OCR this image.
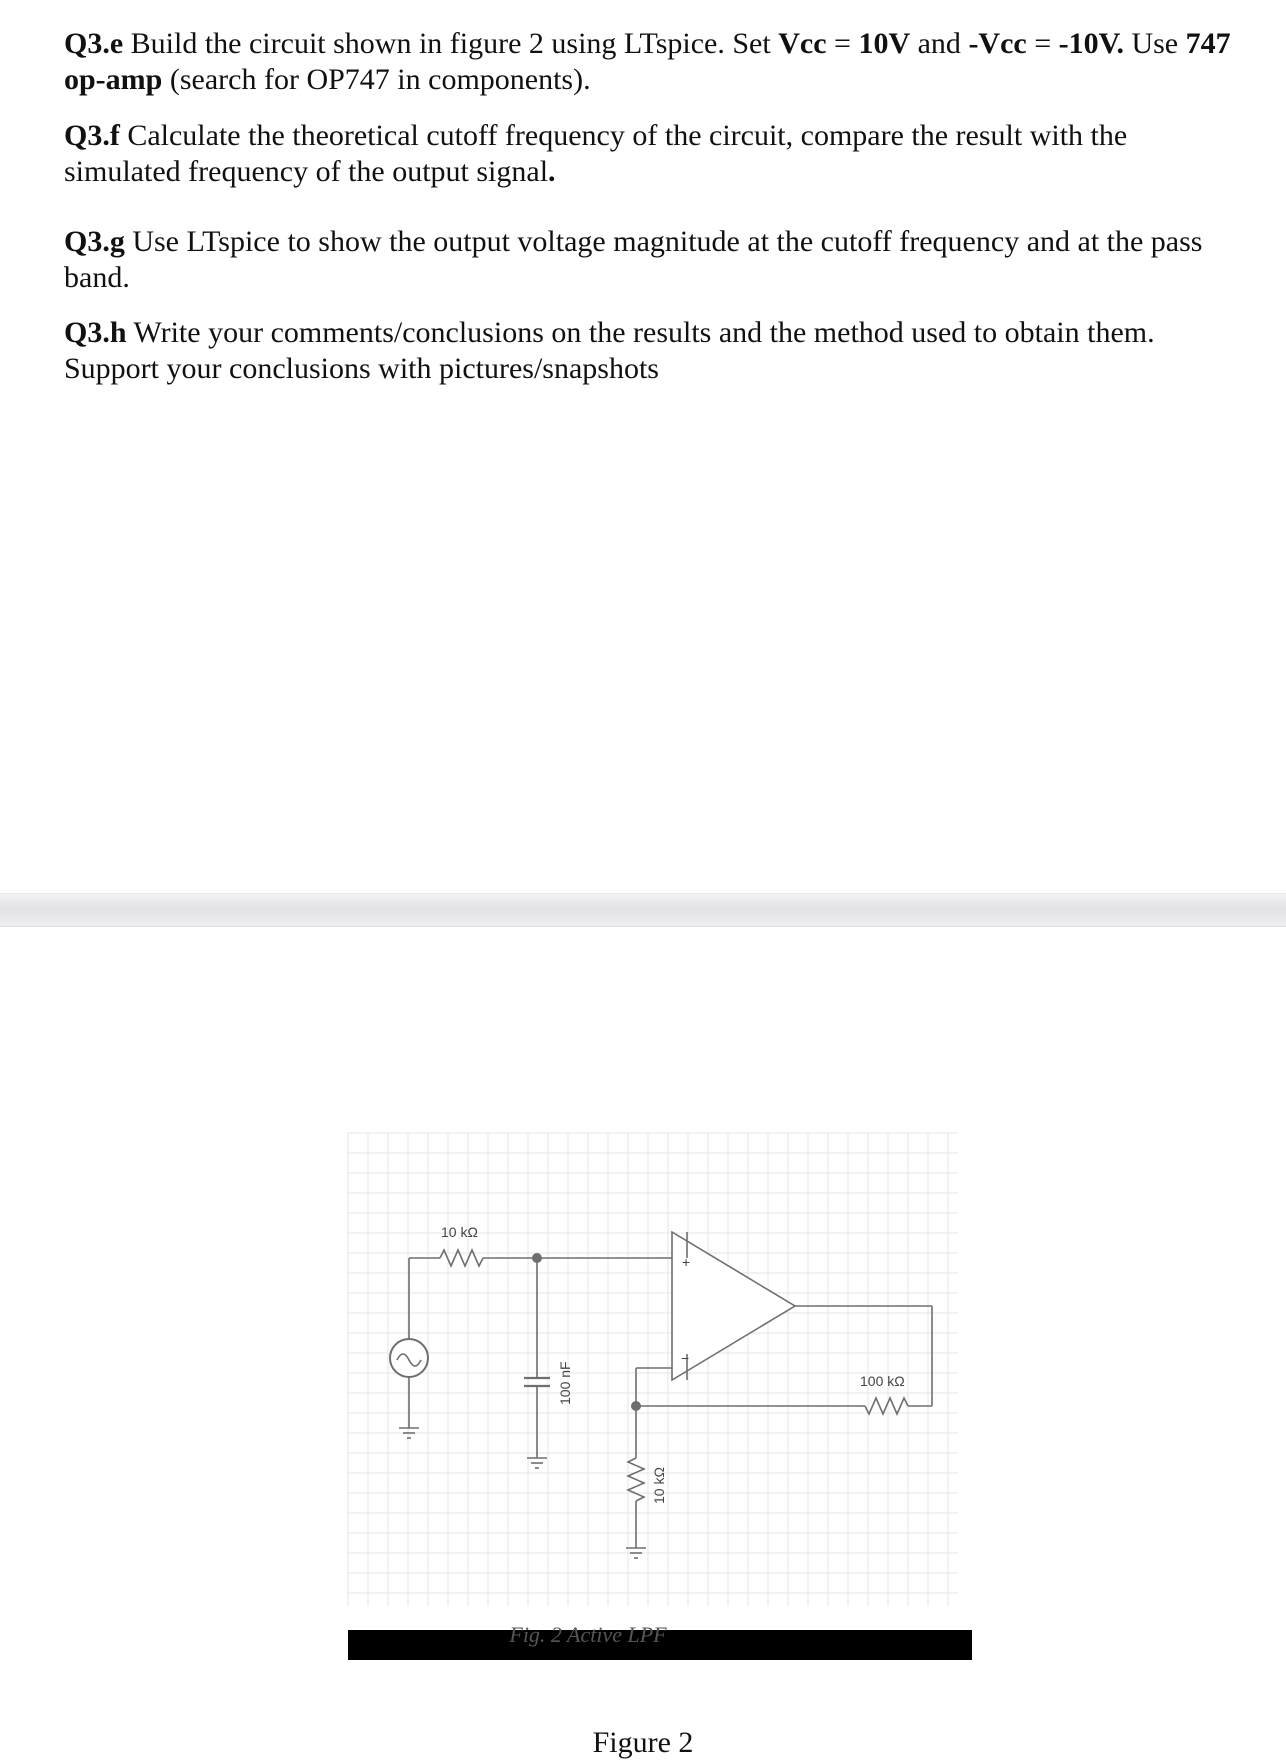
Q3.e Build the circuit shown in figure 2 using LTspice. Set Vcc = 10V and -Vcc = -10V. Use 747 op-amp (search for OP747 in components).
Q3.f Calculate the theoretical cutoff frequency of the circuit, compare the result with the simulated frequency of the output signal.
Q3.g Use LTspice to show the output voltage magnitude at the cutoff frequency and at the pass band.
Q3.h Write your comments/conclusions on the results and the method used to obtain them. Support your conclusions with pictures/snapshots
10 kΩ
100 kΩ
100 nF
10 kΩ
+
−
Fig. 2 Active LPF
Figure 2
